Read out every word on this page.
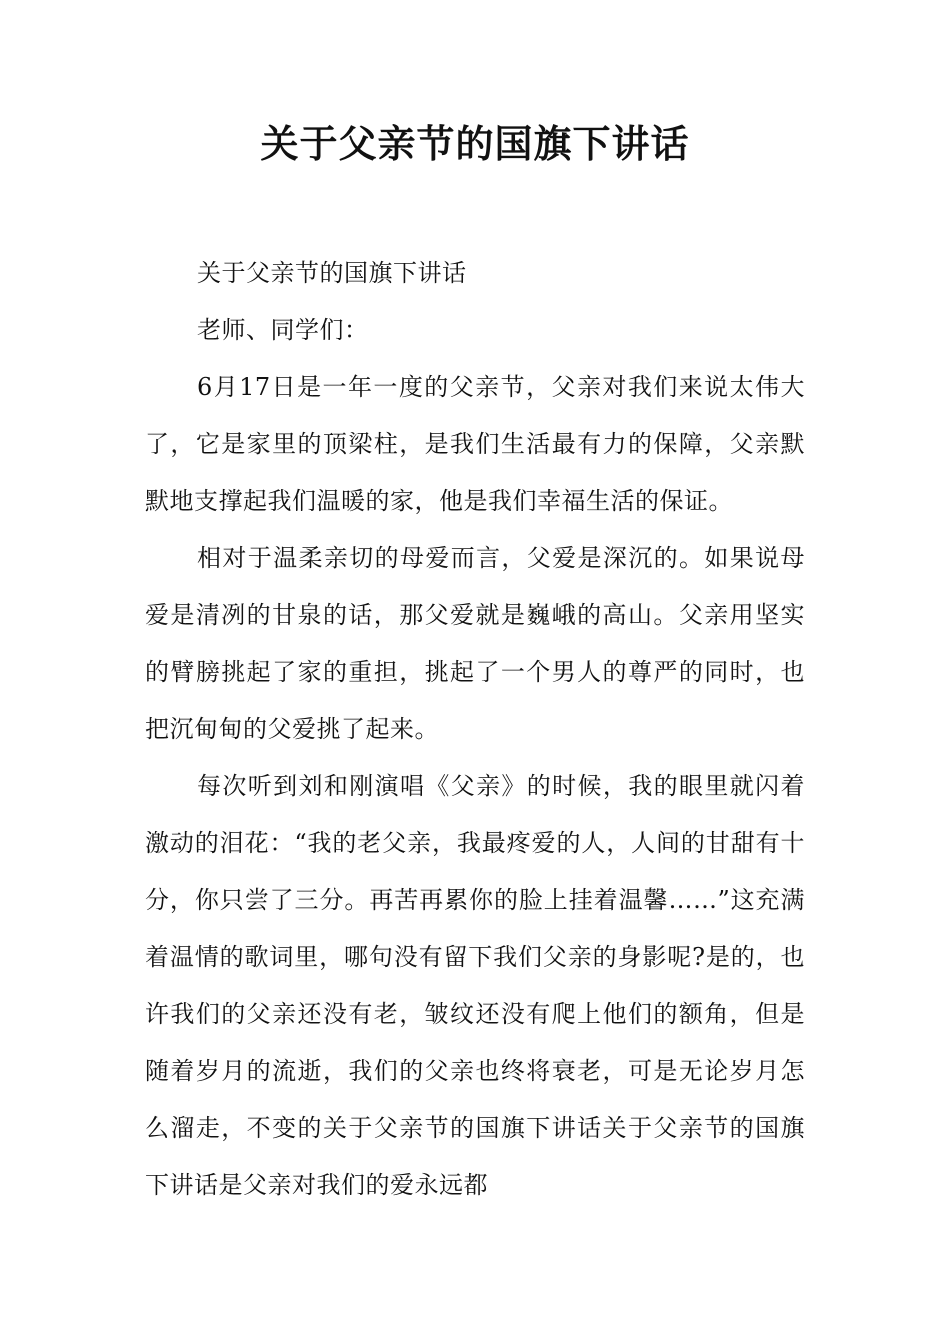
关于父亲节的国旗下讲话

关于父亲节的国旗下讲话

老师、同学们：

6月17日是一年一度的父亲节，父亲对我们来说太伟大了，它是家里的顶梁柱，是我们生活最有力的保障，父亲默默地支撑起我们温暖的家，他是我们幸福生活的保证。

相对于温柔亲切的母爱而言，父爱是深沉的。如果说母爱是清冽的甘泉的话，那父爱就是巍峨的高山。父亲用坚实的臂膀挑起了家的重担，挑起了一个男人的尊严的同时，也把沉甸甸的父爱挑了起来。

每次听到刘和刚演唱《父亲》的时候，我的眼里就闪着激动的泪花：“我的老父亲，我最疼爱的人，人间的甘甜有十分，你只尝了三分。再苦再累你的脸上挂着温馨……”这充满着温情的歌词里，哪句没有留下我们父亲的身影呢?是的，也许我们的父亲还没有老，皱纹还没有爬上他们的额角，但是随着岁月的流逝，我们的父亲也终将衰老，可是无论岁月怎么溜走，不变的关于父亲节的国旗下讲话关于父亲节的国旗下讲话是父亲对我们的爱永远都
